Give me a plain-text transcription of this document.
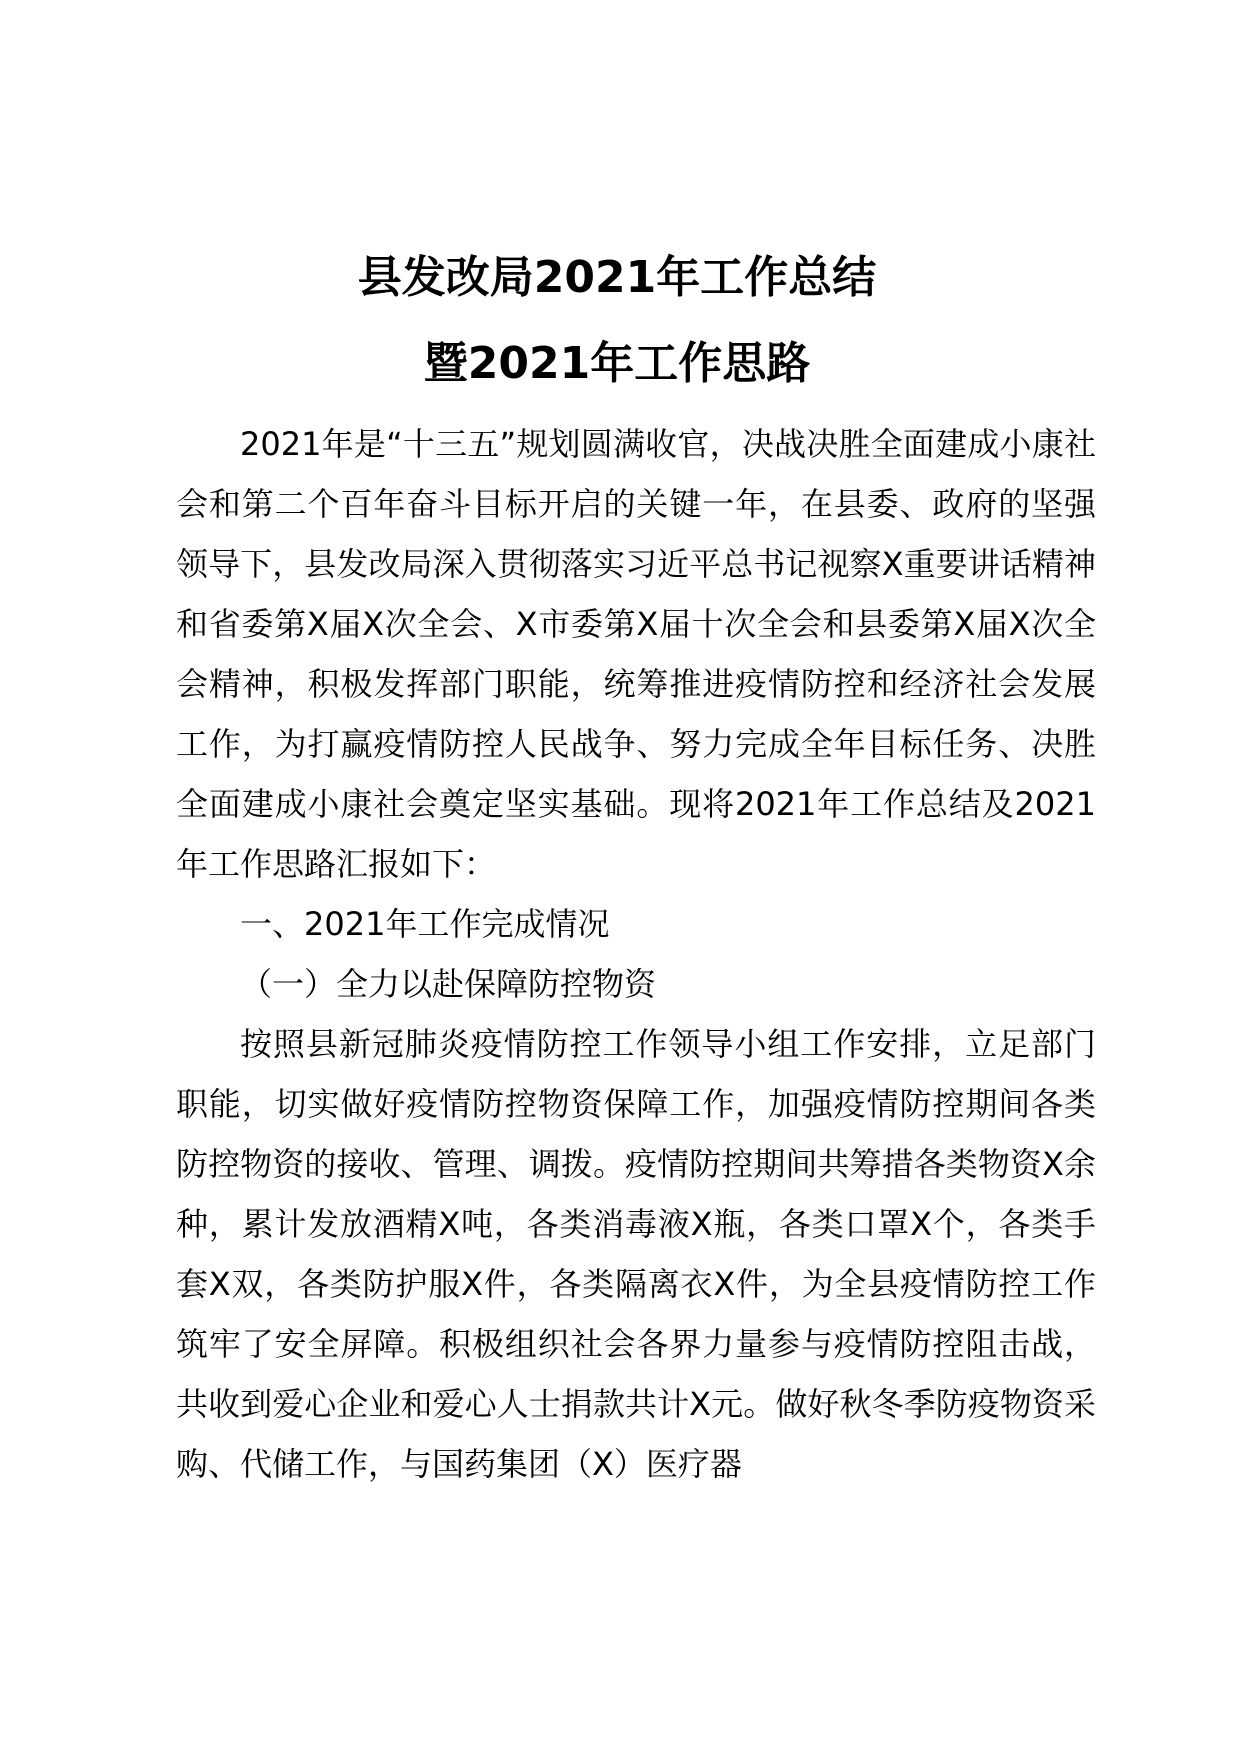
县发改局2021年工作总结
暨2021年工作思路

2021年是“十三五”规划圆满收官，决战决胜全面建成小康社会和第二个百年奋斗目标开启的关键一年，在县委、政府的坚强领导下，县发改局深入贯彻落实习近平总书记视察X重要讲话精神和省委第X届X次全会、X市委第X届十次全会和县委第X届X次全会精神，积极发挥部门职能，统筹推进疫情防控和经济社会发展工作，为打赢疫情防控人民战争、努力完成全年目标任务、决胜全面建成小康社会奠定坚实基础。现将2021年工作总结及2021年工作思路汇报如下：

一、2021年工作完成情况

（一）全力以赴保障防控物资

按照县新冠肺炎疫情防控工作领导小组工作安排，立足部门职能，切实做好疫情防控物资保障工作，加强疫情防控期间各类防控物资的接收、管理、调拨。疫情防控期间共筹措各类物资X余种，累计发放酒精X吨，各类消毒液X瓶，各类口罩X个，各类手套X双，各类防护服X件，各类隔离衣X件，为全县疫情防控工作筑牢了安全屏障。积极组织社会各界力量参与疫情防控阻击战，共收到爱心企业和爱心人士捐款共计X元。做好秋冬季防疫物资采购、代储工作，与国药集团（X）医疗器
